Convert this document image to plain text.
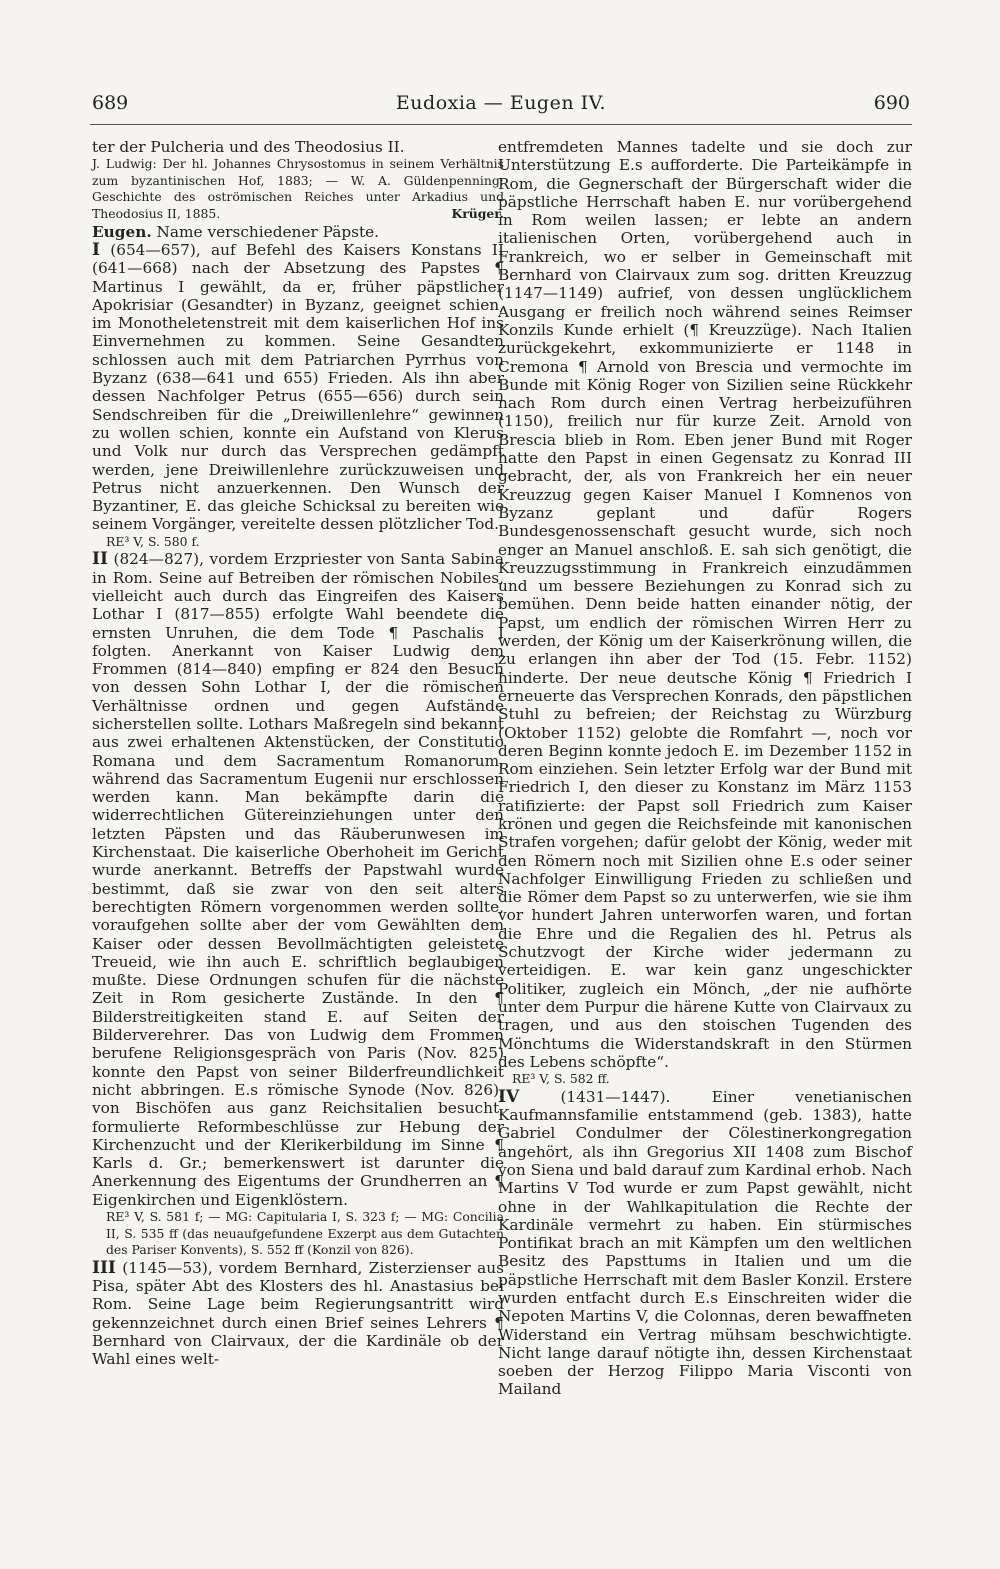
689	Eudoxia — Eugen IV.	690

ter der Pulcheria und des Theodosius II.

J. Ludwig: Der hl. Johannes Chrysostomus in seinem Verhältnis zum byzantinischen Hof, 1883; — W. A. Güldenpenning: Geschichte des oströmischen Reiches unter Arkadius und Theodosius II, 1885.	Krüger.

Eugen. Name verschiedener Päpste.

I (654—657), auf Befehl des Kaisers Konstans II (641—668) nach der Absetzung des Papstes ¶ Martinus I gewählt, da er, früher päpstlicher Apokrisiar (Gesandter) in Byzanz, geeignet schien, im Monotheletenstreit mit dem kaiserlichen Hof ins Einvernehmen zu kommen. Seine Gesandten schlossen auch mit dem Patriarchen Pyrrhus von Byzanz (638—641 und 655) Frieden. Als ihn aber dessen Nachfolger Petrus (655—656) durch sein Sendschreiben für die „Dreiwillenlehre“ gewinnen zu wollen schien, konnte ein Aufstand von Klerus und Volk nur durch das Versprechen gedämpft werden, jene Dreiwillenlehre zurückzuweisen und Petrus nicht anzuerkennen. Den Wunsch der Byzantiner, E. das gleiche Schicksal zu bereiten wie seinem Vorgänger, vereitelte dessen plötzlicher Tod.

RE³ V, S. 580 f.

II (824—827), vordem Erzpriester von Santa Sabina in Rom. Seine auf Betreiben der römischen Nobiles, vielleicht auch durch das Eingreifen des Kaisers Lothar I (817—855) erfolgte Wahl beendete die ernsten Unruhen, die dem Tode ¶ Paschalis I folgten. Anerkannt von Kaiser Ludwig dem Frommen (814—840) empfing er 824 den Besuch von dessen Sohn Lothar I, der die römischen Verhältnisse ordnen und gegen Aufstände sicherstellen sollte. Lothars Maßregeln sind bekannt aus zwei erhaltenen Aktenstücken, der Constitutio Romana und dem Sacramentum Romanorum, während das Sacramentum Eugenii nur erschlossen werden kann. Man bekämpfte darin die widerrechtlichen Gütereinziehungen unter den letzten Päpsten und das Räuberunwesen im Kirchenstaat. Die kaiserliche Oberhoheit im Gericht wurde anerkannt. Betreffs der Papstwahl wurde bestimmt, daß sie zwar von den seit alters berechtigten Römern vorgenommen werden sollte, voraufgehen sollte aber der vom Gewählten dem Kaiser oder dessen Bevollmächtigten geleistete Treueid, wie ihn auch E. schriftlich beglaubigen mußte. Diese Ordnungen schufen für die nächste Zeit in Rom gesicherte Zustände. In den ¶ Bilderstreitigkeiten stand E. auf Seiten der Bilderverehrer. Das von Ludwig dem Frommen berufene Religionsgespräch von Paris (Nov. 825) konnte den Papst von seiner Bilderfreundlichkeit nicht abbringen. E.s römische Synode (Nov. 826), von Bischöfen aus ganz Reichsitalien besucht, formulierte Reformbeschlüsse zur Hebung der Kirchenzucht und der Klerikerbildung im Sinne ¶ Karls d. Gr.; bemerkenswert ist darunter die Anerkennung des Eigentums der Grundherren an ¶ Eigenkirchen und Eigenklöstern.

RE³ V, S. 581 f; — MG: Capitularia I, S. 323 f; — MG: Concilia II, S. 535 ff (das neuaufgefundene Exzerpt aus dem Gutachten des Pariser Konvents), S. 552 ff (Konzil von 826).

III (1145—53), vordem Bernhard, Zisterzienser aus Pisa, später Abt des Klosters des hl. Anastasius bei Rom. Seine Lage beim Regierungsantritt wird gekennzeichnet durch einen Brief seines Lehrers ¶ Bernhard von Clairvaux, der die Kardinäle ob der Wahl eines welt-

entfremdeten Mannes tadelte und sie doch zur Unterstützung E.s aufforderte. Die Parteikämpfe in Rom, die Gegnerschaft der Bürgerschaft wider die päpstliche Herrschaft haben E. nur vorübergehend in Rom weilen lassen; er lebte an andern italienischen Orten, vorübergehend auch in Frankreich, wo er selber in Gemeinschaft mit Bernhard von Clairvaux zum sog. dritten Kreuzzug (1147—1149) aufrief, von dessen unglücklichem Ausgang er freilich noch während seines Reimser Konzils Kunde erhielt (¶ Kreuzzüge). Nach Italien zurückgekehrt, exkommunizierte er 1148 in Cremona ¶ Arnold von Brescia und vermochte im Bunde mit König Roger von Sizilien seine Rückkehr nach Rom durch einen Vertrag herbeizuführen (1150), freilich nur für kurze Zeit. Arnold von Brescia blieb in Rom. Eben jener Bund mit Roger hatte den Papst in einen Gegensatz zu Konrad III gebracht, der, als von Frankreich her ein neuer Kreuzzug gegen Kaiser Manuel I Komnenos von Byzanz geplant und dafür Rogers Bundesgenossenschaft gesucht wurde, sich noch enger an Manuel anschloß. E. sah sich genötigt, die Kreuzzugsstimmung in Frankreich einzudämmen und um bessere Beziehungen zu Konrad sich zu bemühen. Denn beide hatten einander nötig, der Papst, um endlich der römischen Wirren Herr zu werden, der König um der Kaiserkrönung willen, die zu erlangen ihn aber der Tod (15. Febr. 1152) hinderte. Der neue deutsche König ¶ Friedrich I erneuerte das Versprechen Konrads, den päpstlichen Stuhl zu befreien; der Reichstag zu Würzburg (Oktober 1152) gelobte die Romfahrt —, noch vor deren Beginn konnte jedoch E. im Dezember 1152 in Rom einziehen. Sein letzter Erfolg war der Bund mit Friedrich I, den dieser zu Konstanz im März 1153 ratifizierte: der Papst soll Friedrich zum Kaiser krönen und gegen die Reichsfeinde mit kanonischen Strafen vorgehen; dafür gelobt der König, weder mit den Römern noch mit Sizilien ohne E.s oder seiner Nachfolger Einwilligung Frieden zu schließen und die Römer dem Papst so zu unterwerfen, wie sie ihm vor hundert Jahren unterworfen waren, und fortan die Ehre und die Regalien des hl. Petrus als Schutzvogt der Kirche wider jedermann zu verteidigen. E. war kein ganz ungeschickter Politiker, zugleich ein Mönch, „der nie aufhörte unter dem Purpur die härene Kutte von Clairvaux zu tragen, und aus den stoischen Tugenden des Mönchtums die Widerstandskraft in den Stürmen des Lebens schöpfte“.

RE³ V, S. 582 ff.

IV	(1431—1447). Einer venetianischen Kaufmannsfamilie entstammend (geb. 1383), hatte Gabriel Condulmer der Cölestinerkongregation angehört, als ihn Gregorius XII 1408 zum Bischof von Siena und bald darauf zum Kardinal erhob. Nach Martins V Tod wurde er zum Papst gewählt, nicht ohne in der Wahlkapitulation die Rechte der Kardinäle vermehrt zu haben. Ein stürmisches Pontifikat brach an mit Kämpfen um den weltlichen Besitz des Papsttums in Italien und um die päpstliche Herrschaft mit dem Basler Konzil. Erstere wurden entfacht durch E.s Einschreiten wider die Nepoten Martins V, die Colonnas, deren bewaffneten Widerstand ein Vertrag mühsam beschwichtigte. Nicht lange darauf nötigte ihn, dessen Kirchenstaat soeben der Herzog Filippo Maria Visconti von Mailand
